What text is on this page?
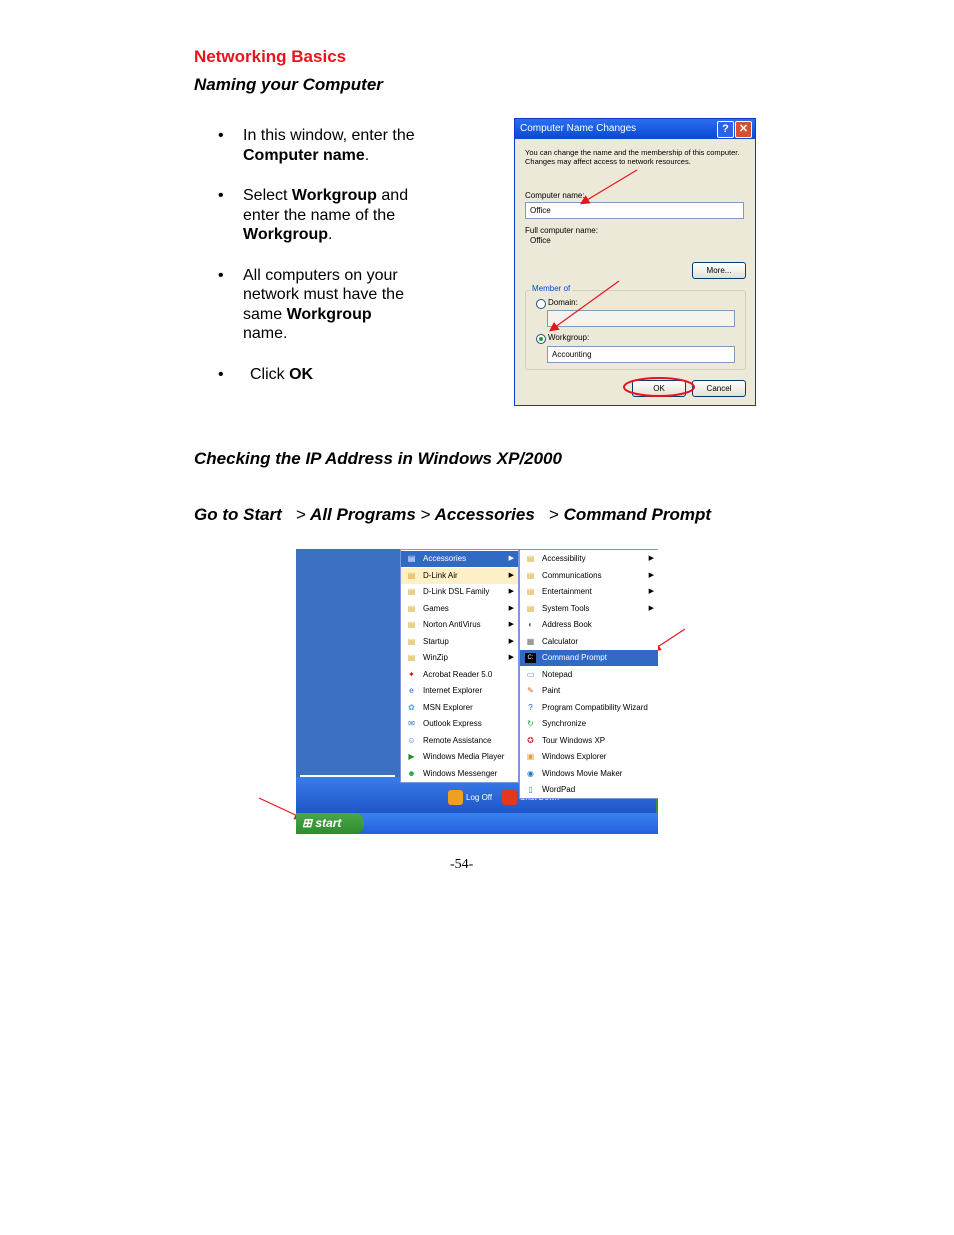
Networking Basics
Naming your Computer
• In this window, enter the Computer name.
• Select Workgroup and enter the name of the Workgroup.
• All computers on your network must have the same Workgroup name.
• Click OK
Computer Name Changes	? ✕
You can change the name and the membership of this computer. Changes may affect access to network resources.
Computer name:
Office
Full computer name:
Office
More...
Member of
Domain:
Workgroup:
Accounting
OK	Cancel
Checking the IP Address in Windows XP/2000
Go to Start > All Programs > Accessories > Command Prompt
Log Off
▤ Accessories	▶
▤ D-Link Air	▶
▤ D-Link DSL Family	▶
▤ Games	▶
▤ Norton AntiVirus	▶
▤ Startup	▶
▤ WinZip	▶
✦ Acrobat Reader 5.0
e	Internet Explorer
✿ MSN Explorer
✉ Outlook Express
☺ Remote Assistance
▶	Windows Media Player
☻ Windows Messenger
▤ Accessibility	▶
▤ Communications	▶
▤ Entertainment	▶
▤ System Tools	▶
◐	Address Book
▦ Calculator
C:	Command Prompt
▭ Notepad
✎ Paint
?	Program Compatibility Wizard
↻ Synchronize
✪ Tour Windows XP
▣ Windows Explorer
◉ Windows Movie Maker
▯	WordPad
⊞ start
-54-
